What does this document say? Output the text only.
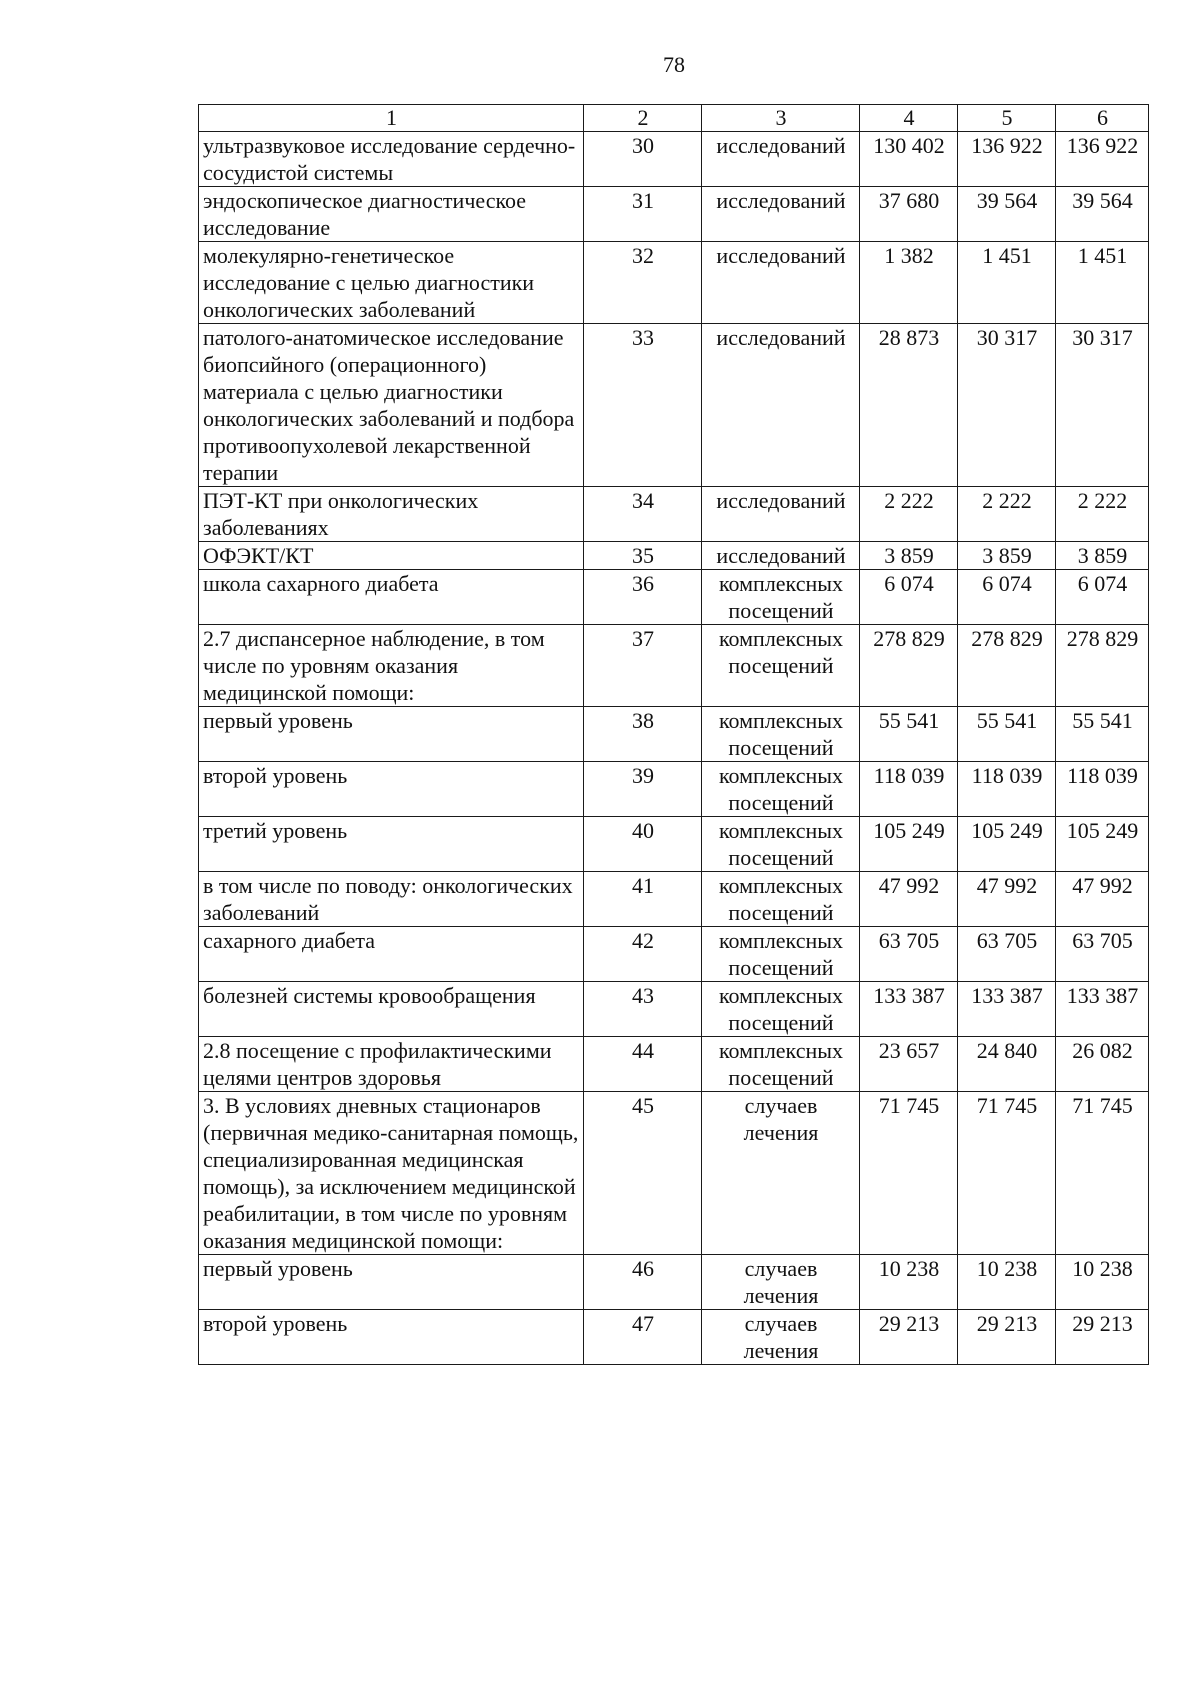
78
1	2	3	4	5	6
ультразвуковое исследование сердечно-сосудистой системы	30	исследований	130 402	136 922	136 922
эндоскопическое диагностическое исследование	31	исследований	37 680	39 564	39 564
молекулярно-генетическое исследование с целью диагностики онкологических заболеваний	32	исследований	1 382	1 451	1 451
патолого-анатомическое исследование биопсийного (операционного) материала с целью диагностики онкологических заболеваний и подбора противоопухолевой лекарственной терапии	33	исследований	28 873	30 317	30 317
ПЭТ-КТ при онкологических заболеваниях	34	исследований	2 222	2 222	2 222
ОФЭКТ/КТ	35	исследований	3 859	3 859	3 859
школа сахарного диабета	36	комплексных посещений	6 074	6 074	6 074
2.7 диспансерное наблюдение, в том числе по уровням оказания медицинской помощи:	37	комплексных посещений	278 829	278 829	278 829
первый уровень	38	комплексных посещений	55 541	55 541	55 541
второй уровень	39	комплексных посещений	118 039	118 039	118 039
третий уровень	40	комплексных посещений	105 249	105 249	105 249
в том числе по поводу: онкологических заболеваний	41	комплексных посещений	47 992	47 992	47 992
сахарного диабета	42	комплексных посещений	63 705	63 705	63 705
болезней системы кровообращения	43	комплексных посещений	133 387	133 387	133 387
2.8 посещение с профилактическими целями центров здоровья	44	комплексных посещений	23 657	24 840	26 082
3. В условиях дневных стационаров (первичная медико-санитарная помощь, специализированная медицинская помощь), за исключением медицинской реабилитации, в том числе по уровням оказания медицинской помощи:	45	случаев лечения	71 745	71 745	71 745
первый уровень	46	случаев лечения	10 238	10 238	10 238
второй уровень	47	случаев лечения	29 213	29 213	29 213
